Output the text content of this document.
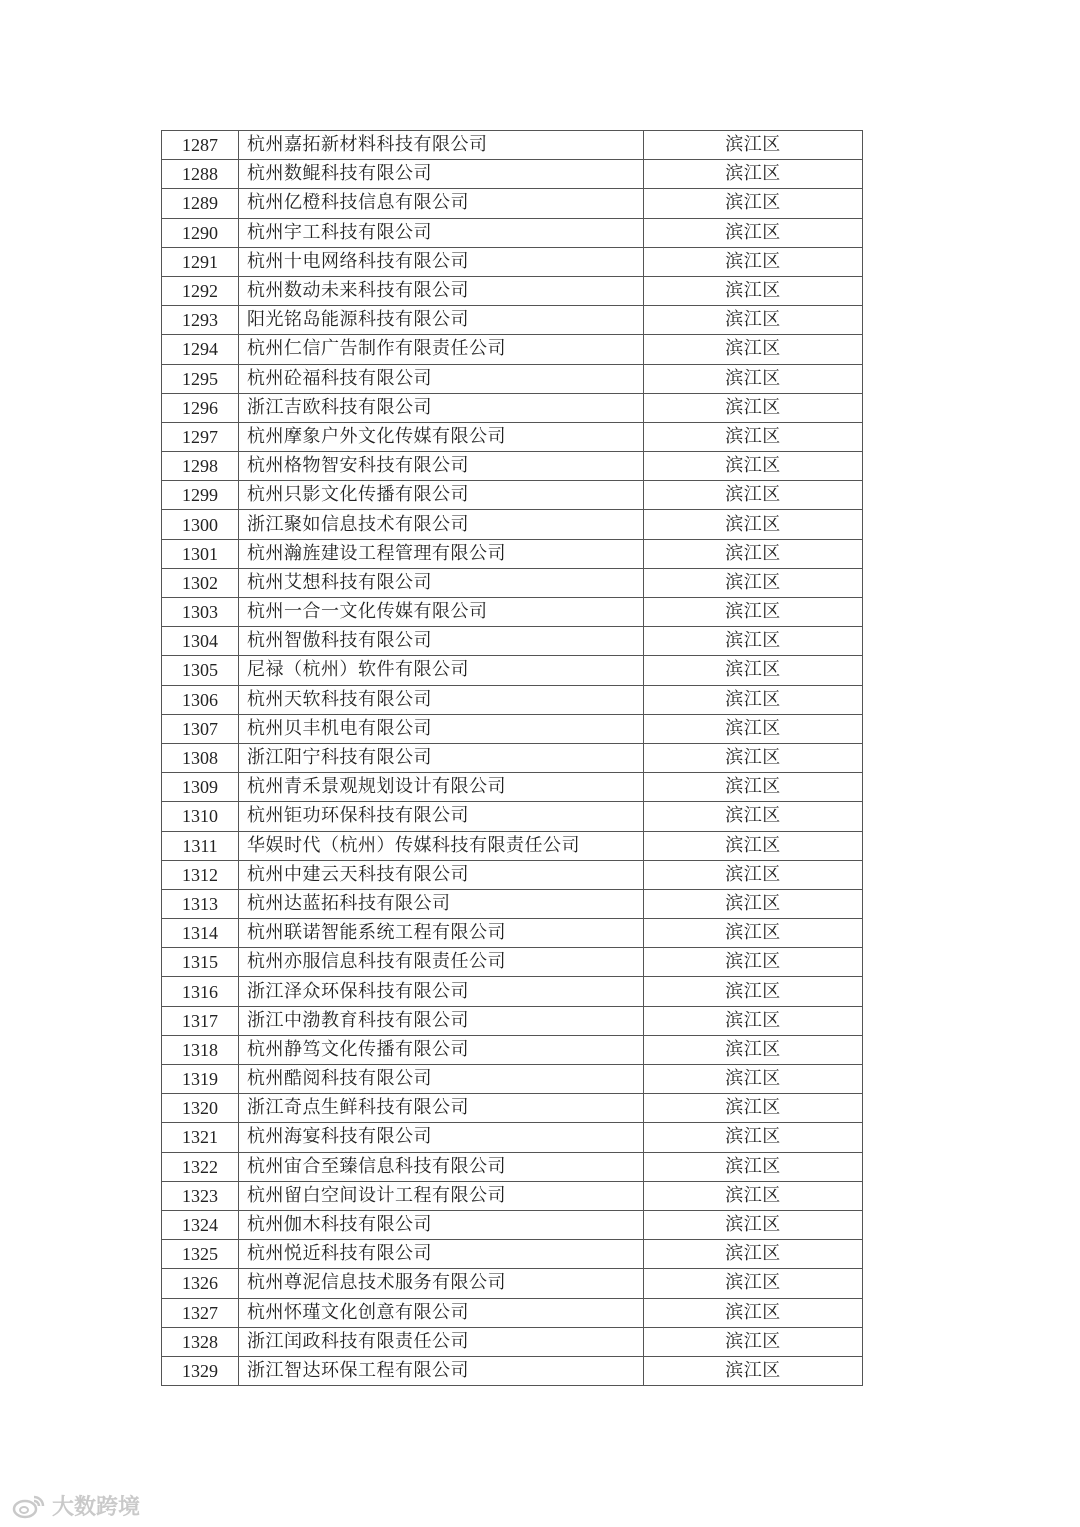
1287	杭州嘉拓新材料科技有限公司	滨江区
1288	杭州数鲲科技有限公司	滨江区
1289	杭州亿橙科技信息有限公司	滨江区
1290	杭州宇工科技有限公司	滨江区
1291	杭州十电网络科技有限公司	滨江区
1292	杭州数动未来科技有限公司	滨江区
1293	阳光铭岛能源科技有限公司	滨江区
1294	杭州仁信广告制作有限责任公司	滨江区
1295	杭州砼福科技有限公司	滨江区
1296	浙江吉欧科技有限公司	滨江区
1297	杭州摩象户外文化传媒有限公司	滨江区
1298	杭州格物智安科技有限公司	滨江区
1299	杭州只影文化传播有限公司	滨江区
1300	浙江聚如信息技术有限公司	滨江区
1301	杭州瀚旌建设工程管理有限公司	滨江区
1302	杭州艾想科技有限公司	滨江区
1303	杭州一合一文化传媒有限公司	滨江区
1304	杭州智傲科技有限公司	滨江区
1305	尼禄（杭州）软件有限公司	滨江区
1306	杭州天软科技有限公司	滨江区
1307	杭州贝丰机电有限公司	滨江区
1308	浙江阳宁科技有限公司	滨江区
1309	杭州青禾景观规划设计有限公司	滨江区
1310	杭州钜功环保科技有限公司	滨江区
1311	华娱时代（杭州）传媒科技有限责任公司	滨江区
1312	杭州中建云天科技有限公司	滨江区
1313	杭州达蓝拓科技有限公司	滨江区
1314	杭州联诺智能系统工程有限公司	滨江区
1315	杭州亦服信息科技有限责任公司	滨江区
1316	浙江泽众环保科技有限公司	滨江区
1317	浙江中渤教育科技有限公司	滨江区
1318	杭州静笃文化传播有限公司	滨江区
1319	杭州酷阅科技有限公司	滨江区
1320	浙江奇点生鲜科技有限公司	滨江区
1321	杭州海宴科技有限公司	滨江区
1322	杭州宙合至臻信息科技有限公司	滨江区
1323	杭州留白空间设计工程有限公司	滨江区
1324	杭州伽木科技有限公司	滨江区
1325	杭州悦近科技有限公司	滨江区
1326	杭州尊泥信息技术服务有限公司	滨江区
1327	杭州怀瑾文化创意有限公司	滨江区
1328	浙江闰政科技有限责任公司	滨江区
1329	浙江智达环保工程有限公司	滨江区
大数跨境
